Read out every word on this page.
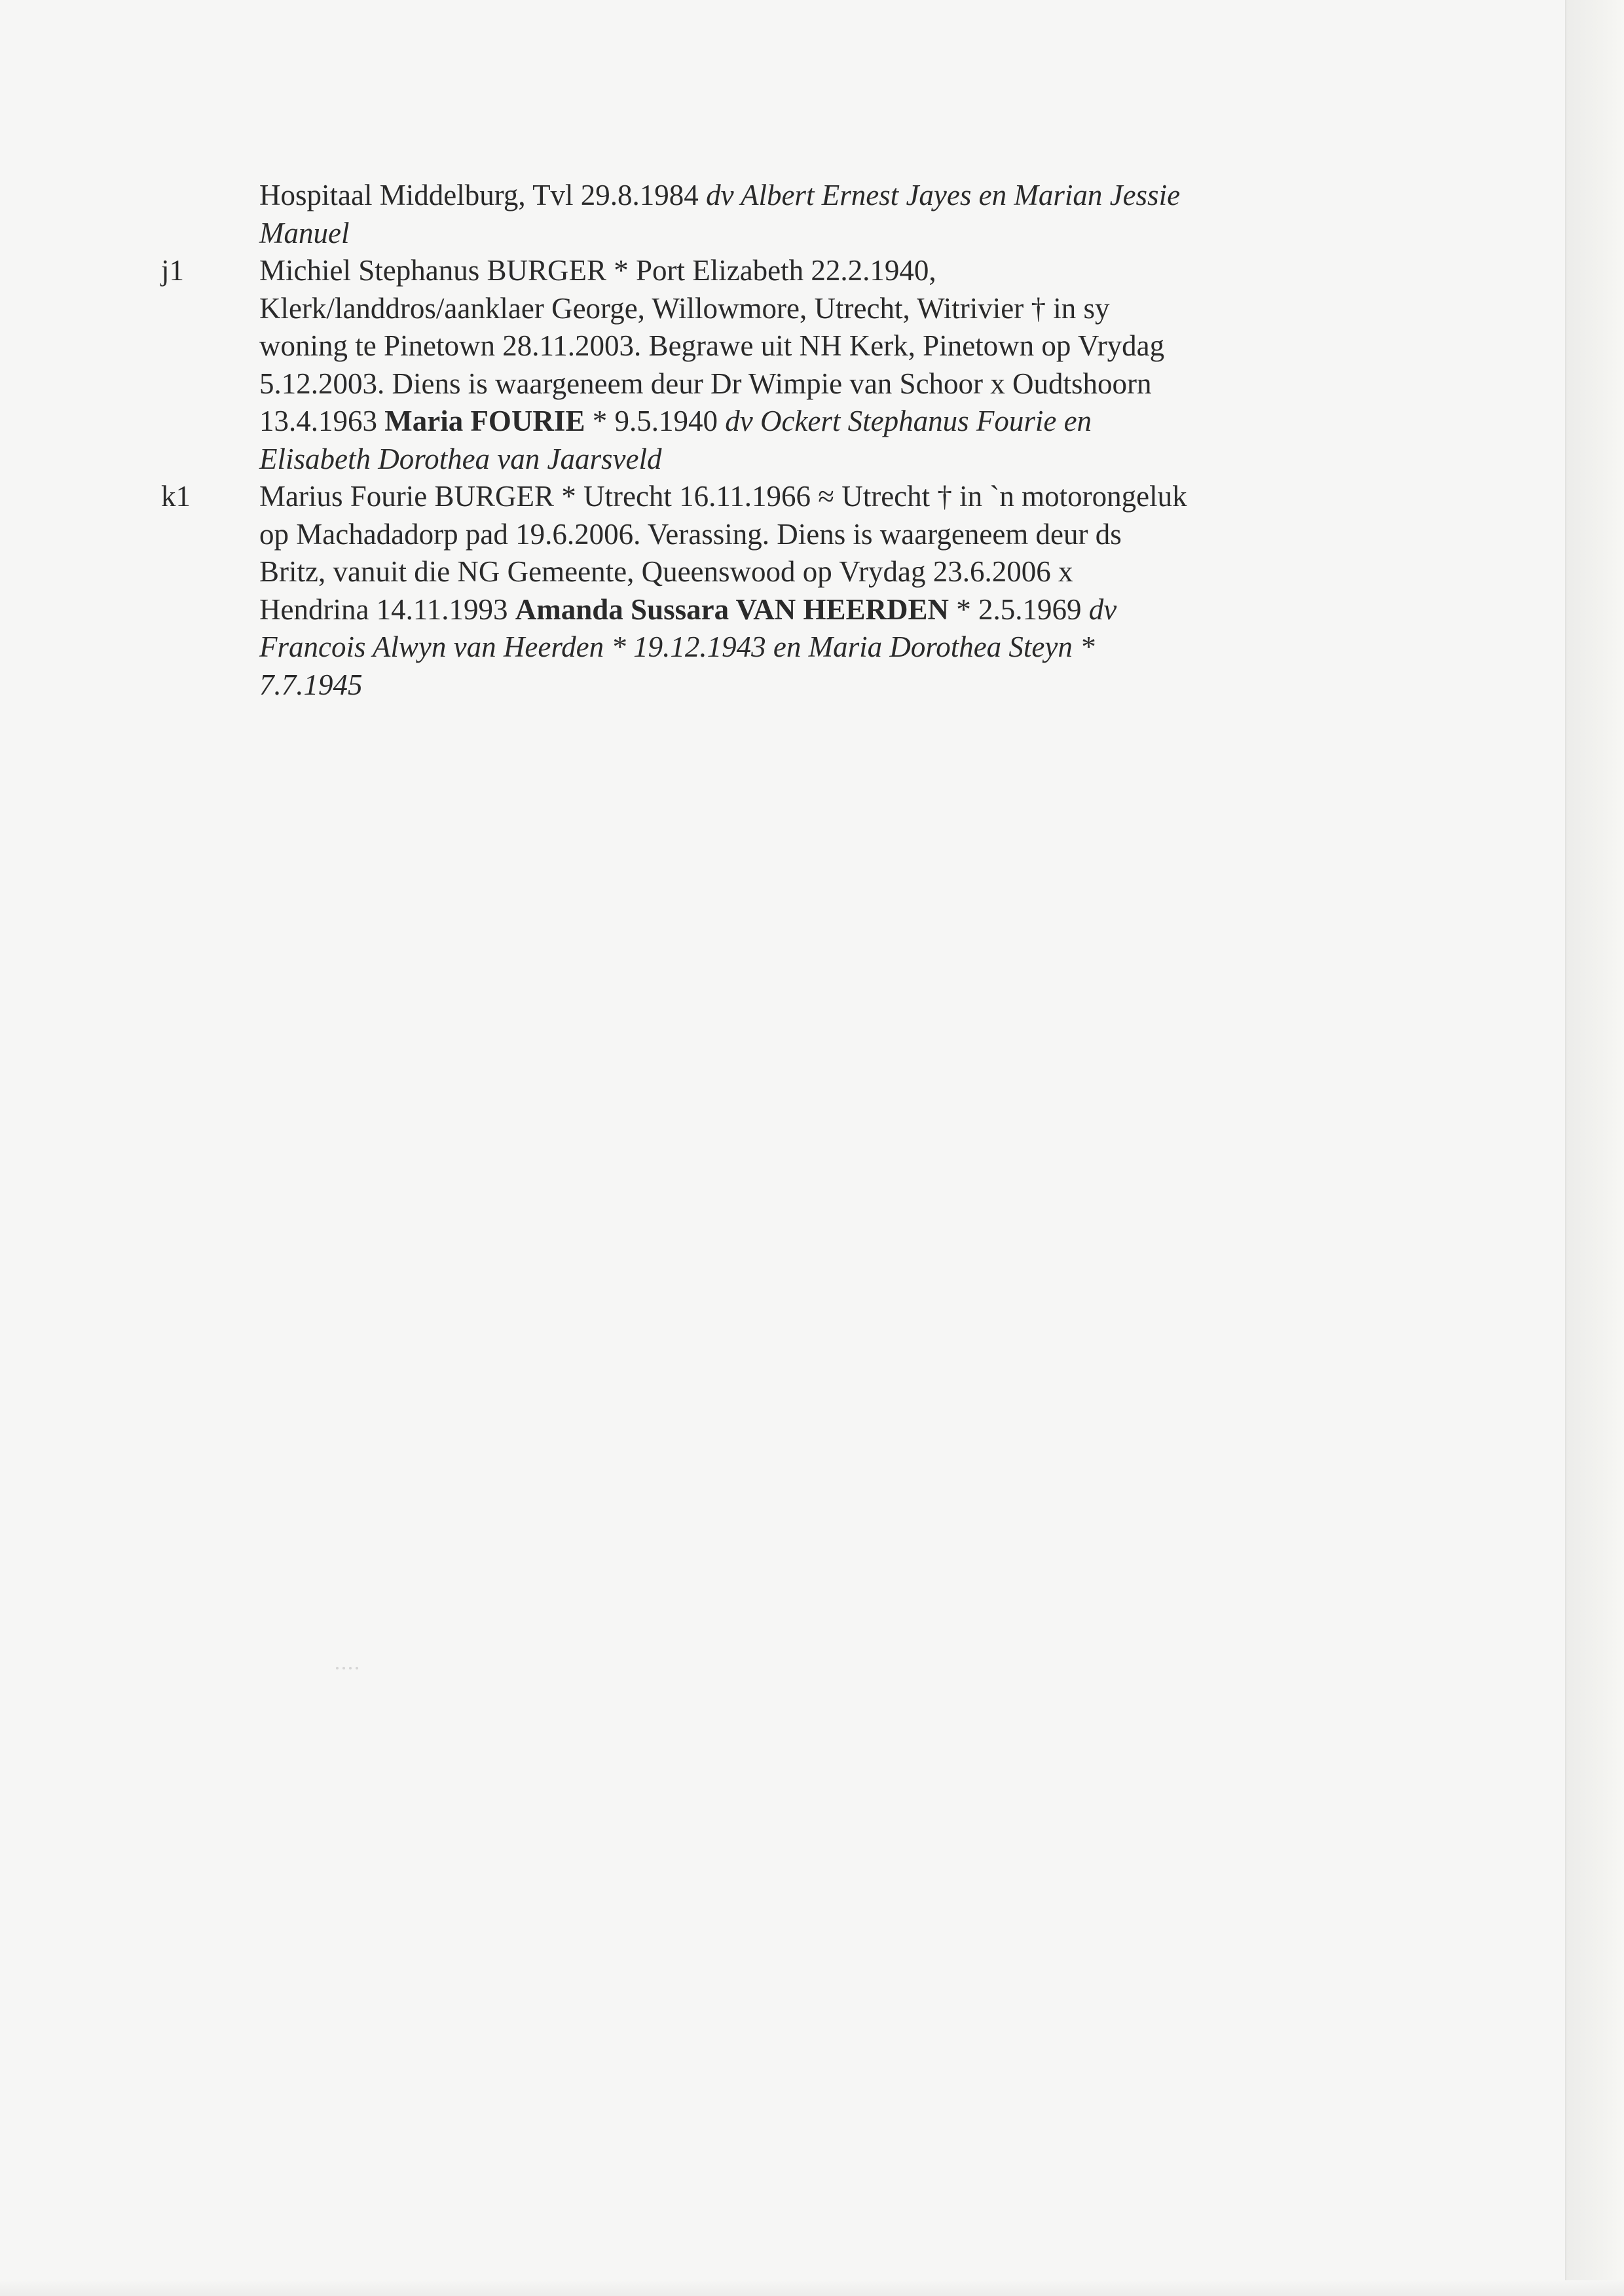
Hospitaal Middelburg, Tvl 29.8.1984 dv Albert Ernest Jayes en Marian Jessie
Manuel
j1	Michiel Stephanus BURGER * Port Elizabeth 22.2.1940,
Klerk/landdros/aanklaer George, Willowmore, Utrecht, Witrivier † in sy
woning te Pinetown 28.11.2003. Begrawe uit NH Kerk, Pinetown op Vrydag
5.12.2003. Diens is waargeneem deur Dr Wimpie van Schoor x Oudtshoorn
13.4.1963 Maria FOURIE * 9.5.1940 dv Ockert Stephanus Fourie en
Elisabeth Dorothea van Jaarsveld
k1 Marius Fourie BURGER * Utrecht 16.11.1966 ≈ Utrecht † in `n motorongeluk
op Machadadorp pad 19.6.2006. Verassing. Diens is waargeneem deur ds
Britz, vanuit die NG Gemeente, Queenswood op Vrydag 23.6.2006 x
Hendrina 14.11.1993 Amanda Sussara VAN HEERDEN * 2.5.1969 dv
Francois Alwyn van Heerden * 19.12.1943 en Maria Dorothea Steyn *
7.7.1945
